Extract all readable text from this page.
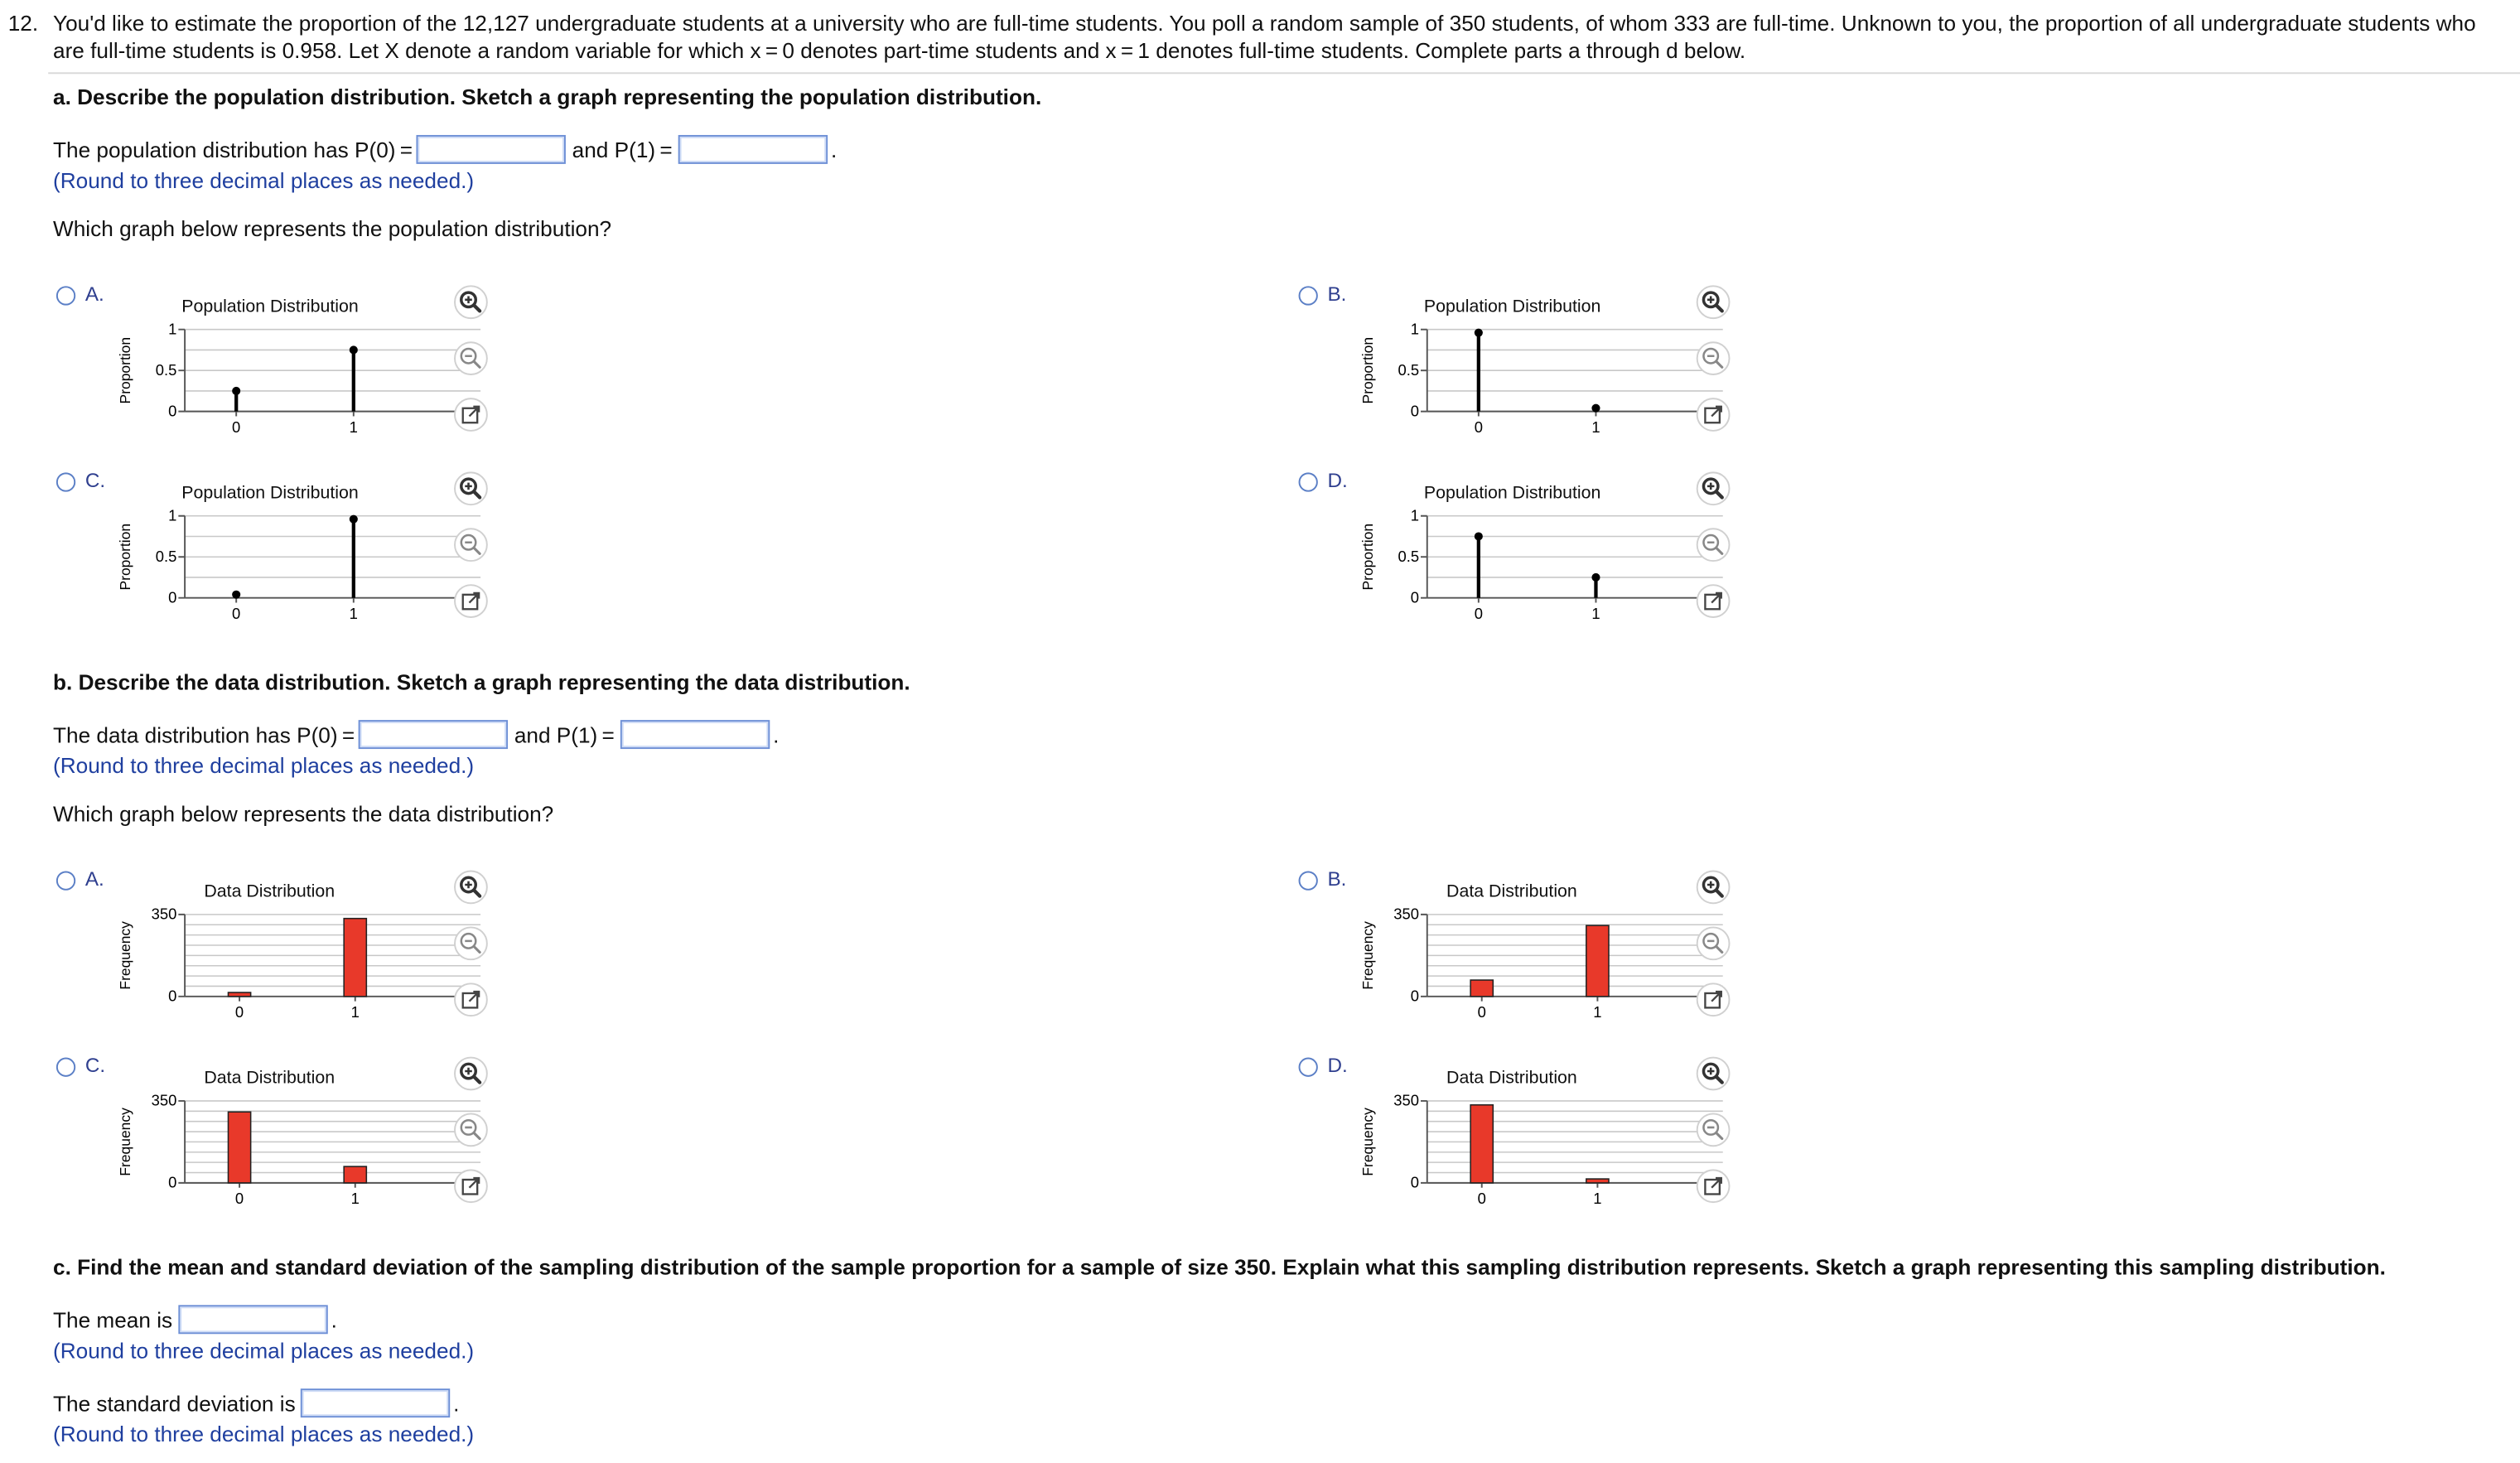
12. You'd like to estimate the proportion of the 12,127 undergraduate students at a university who are full-time students. You poll a random sample of 350 students, of whom 333 are full-time. Unknown to you, the proportion of all undergraduate students who
are full-time students is 0.958. Let X denote a random variable for which x = 0 denotes part-time students and x = 1 denotes full-time students. Complete parts a through d below.
a. Describe the population distribution. Sketch a graph representing the population distribution.
The population distribution has P(0) =	and P(1) =	.
(Round to three decimal places as needed.)
Which graph below represents the population distribution?
A.
Population Distribution
Proportion
0
0.5
1
0	1
B.
Population Distribution
Proportion
0
0.5
1
0	1
C.
Population Distribution
Proportion
0
0.5
1
0	1
D.
Population Distribution
Proportion
0
0.5
1
0	1
b. Describe the data distribution. Sketch a graph representing the data distribution.
The data distribution has P(0) =	and P(1) =	.
(Round to three decimal places as needed.)
Which graph below represents the data distribution?
A.
Data Distribution
Frequency
0
350
0	1
B.
Data Distribution
Frequency
0
350
0	1
C.
Data Distribution
Frequency
0
350
0	1
D.
Data Distribution
Frequency
0
350
0	1
c. Find the mean and standard deviation of the sampling distribution of the sample proportion for a sample of size 350. Explain what this sampling distribution represents. Sketch a graph representing this sampling distribution.
The mean is	.
(Round to three decimal places as needed.)
The standard deviation is	.
(Round to three decimal places as needed.)
